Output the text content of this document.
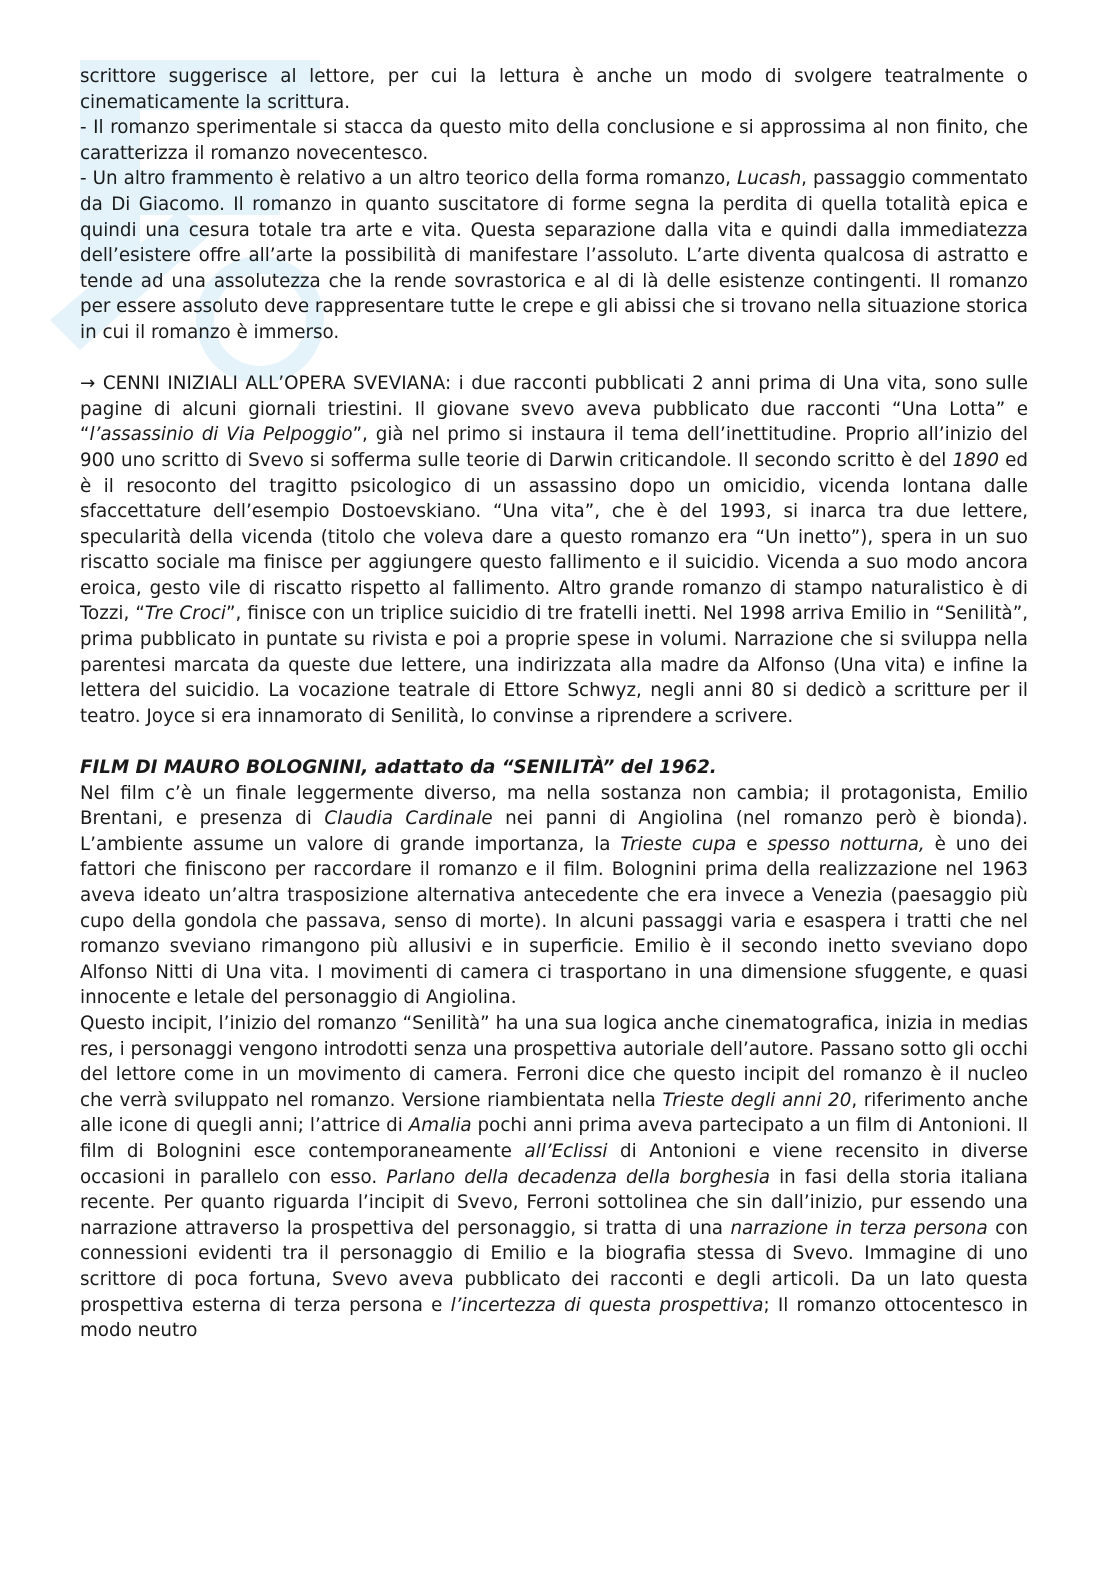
scrittore suggerisce al lettore, per cui la lettura è anche un modo di svolgere teatralmente o cinematicamente la scrittura.

- Il romanzo sperimentale si stacca da questo mito della conclusione e si approssima al non finito, che caratterizza il romanzo novecentesco.

- Un altro frammento è relativo a un altro teorico della forma romanzo, Lucash, passaggio commentato da Di Giacomo. Il romanzo in quanto suscitatore di forme segna la perdita di quella totalità epica e quindi una cesura totale tra arte e vita. Questa separazione dalla vita e quindi dalla immediatezza dell’esistere offre all’arte la possibilità di manifestare l’assoluto. L’arte diventa qualcosa di astratto e tende ad una assolutezza che la rende sovrastorica e al di là delle esistenze contingenti. Il romanzo per essere assoluto deve rappresentare tutte le crepe e gli abissi che si trovano nella situazione storica in cui il romanzo è immerso.

→ CENNI INIZIALI ALL’OPERA SVEVIANA: i due racconti pubblicati 2 anni prima di Una vita, sono sulle pagine di alcuni giornali triestini. Il giovane svevo aveva pubblicato due racconti “Una Lotta” e “l’assassinio di Via Pelpoggio”, già nel primo si instaura il tema dell’inettitudine. Proprio all’inizio del 900 uno scritto di Svevo si sofferma sulle teorie di Darwin criticandole. Il secondo scritto è del 1890 ed è il resoconto del tragitto psicologico di un assassino dopo un omicidio, vicenda lontana dalle sfaccettature dell’esempio Dostoevskiano. “Una vita”, che è del 1993, si inarca tra due lettere, specularità della vicenda (titolo che voleva dare a questo romanzo era “Un inetto”), spera in un suo riscatto sociale ma finisce per aggiungere questo fallimento e il suicidio. Vicenda a suo modo ancora eroica, gesto vile di riscatto rispetto al fallimento. Altro grande romanzo di stampo naturalistico è di Tozzi, “Tre Croci”, finisce con un triplice suicidio di tre fratelli inetti. Nel 1998 arriva Emilio in “Senilità”, prima pubblicato in puntate su rivista e poi a proprie spese in volumi. Narrazione che si sviluppa nella parentesi marcata da queste due lettere, una indirizzata alla madre da Alfonso (Una vita) e infine la lettera del suicidio. La vocazione teatrale di Ettore Schwyz, negli anni 80 si dedicò a scritture per il teatro. Joyce si era innamorato di Senilità, lo convinse a riprendere a scrivere.

FILM DI MAURO BOLOGNINI, adattato da “SENILITÀ” del 1962.

Nel film c’è un finale leggermente diverso, ma nella sostanza non cambia; il protagonista, Emilio Brentani, e presenza di Claudia Cardinale nei panni di Angiolina (nel romanzo però è bionda). L’ambiente assume un valore di grande importanza, la Trieste cupa e spesso notturna, è uno dei fattori che finiscono per raccordare il romanzo e il film. Bolognini prima della realizzazione nel 1963 aveva ideato un’altra trasposizione alternativa antecedente che era invece a Venezia (paesaggio più cupo della gondola che passava, senso di morte). In alcuni passaggi varia e esaspera i tratti che nel romanzo sveviano rimangono più allusivi e in superficie. Emilio è il secondo inetto sveviano dopo Alfonso Nitti di Una vita. I movimenti di camera ci trasportano in una dimensione sfuggente, e quasi innocente e letale del personaggio di Angiolina.

Questo incipit, l’inizio del romanzo “Senilità” ha una sua logica anche cinematografica, inizia in medias res, i personaggi vengono introdotti senza una prospettiva autoriale dell’autore. Passano sotto gli occhi del lettore come in un movimento di camera. Ferroni dice che questo incipit del romanzo è il nucleo che verrà sviluppato nel romanzo. Versione riambientata nella Trieste degli anni 20, riferimento anche alle icone di quegli anni; l’attrice di Amalia pochi anni prima aveva partecipato a un film di Antonioni. Il film di Bolognini esce contemporaneamente all’Eclissi di Antonioni e viene recensito in diverse occasioni in parallelo con esso. Parlano della decadenza della borghesia in fasi della storia italiana recente. Per quanto riguarda l’incipit di Svevo, Ferroni sottolinea che sin dall’inizio, pur essendo una narrazione attraverso la prospettiva del personaggio, si tratta di una narrazione in terza persona con connessioni evidenti tra il personaggio di Emilio e la biografia stessa di Svevo. Immagine di uno scrittore di poca fortuna, Svevo aveva pubblicato dei racconti e degli articoli. Da un lato questa prospettiva esterna di terza persona e l’incertezza di questa prospettiva; Il romanzo ottocentesco in modo neutro
